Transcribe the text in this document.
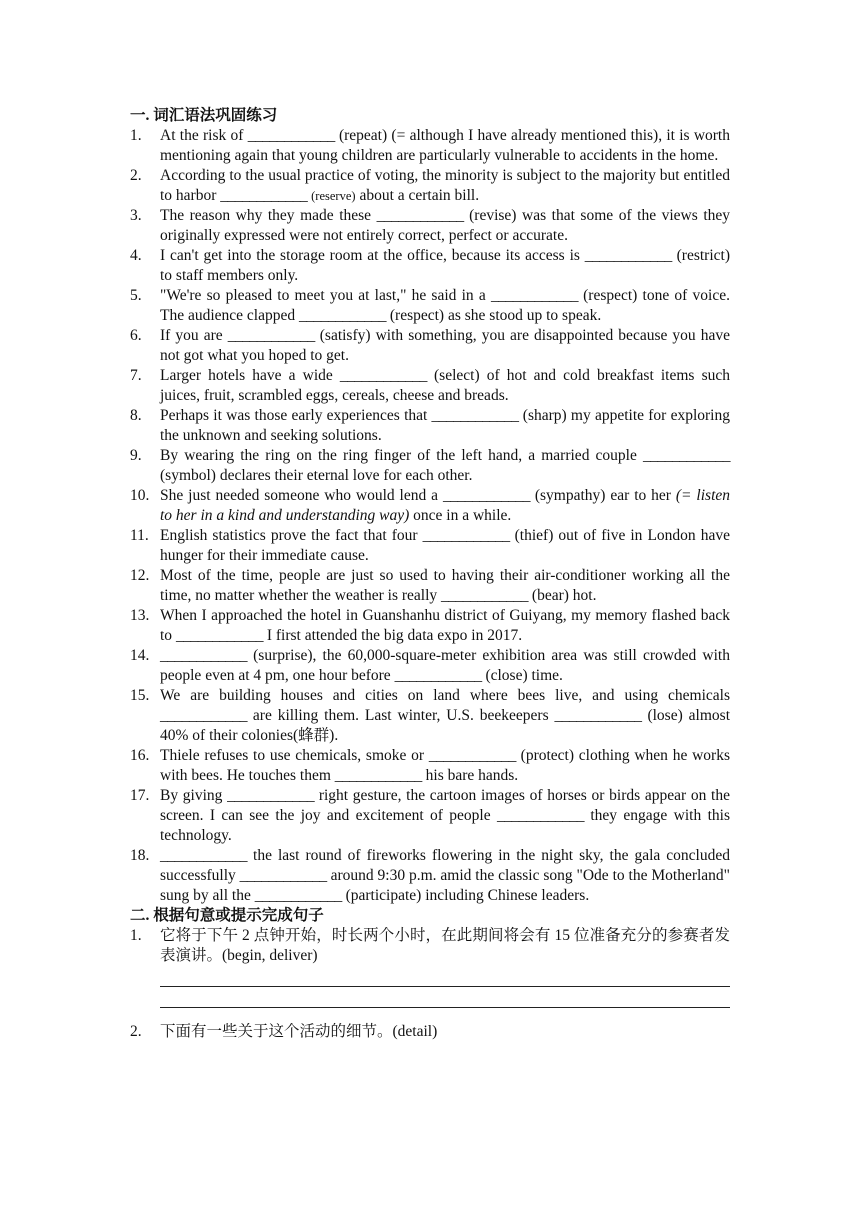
一. 词汇语法巩固练习
1.	At the risk of ____________ (repeat) (= although I have already mentioned this), it is worth mentioning again that young children are particularly vulnerable to accidents in the home.
2.	According to the usual practice of voting, the minority is subject to the majority but entitled to harbor ____________ (reserve) about a certain bill.
3.	The reason why they made these ____________ (revise) was that some of the views they originally expressed were not entirely correct, perfect or accurate.
4.	I can't get into the storage room at the office, because its access is ____________ (restrict) to staff members only.
5.	"We're so pleased to meet you at last," he said in a ____________ (respect) tone of voice. The audience clapped ____________ (respect) as she stood up to speak.
6.	If you are ____________ (satisfy) with something, you are disappointed because you have not got what you hoped to get.
7.	Larger hotels have a wide ____________ (select) of hot and cold breakfast items such juices, fruit, scrambled eggs, cereals, cheese and breads.
8.	Perhaps it was those early experiences that ____________ (sharp) my appetite for exploring the unknown and seeking solutions.
9.	By wearing the ring on the ring finger of the left hand, a married couple ____________ (symbol) declares their eternal love for each other.
10. She just needed someone who would lend a ____________ (sympathy) ear to her (= listen to her in a kind and understanding way) once in a while.
11. English statistics prove the fact that four ____________ (thief) out of five in London have hunger for their immediate cause.
12. Most of the time, people are just so used to having their air-conditioner working all the time, no matter whether the weather is really ____________ (bear) hot.
13. When I approached the hotel in Guanshanhu district of Guiyang, my memory flashed back to ____________ I first attended the big data expo in 2017.
14. ____________ (surprise), the 60,000-square-meter exhibition area was still crowded with people even at 4 pm, one hour before ____________ (close) time.
15. We are building houses and cities on land where bees live, and using chemicals ____________ are killing them. Last winter, U.S. beekeepers ____________ (lose) almost 40% of their colonies(蜂群).
16. Thiele refuses to use chemicals, smoke or ____________ (protect) clothing when he works with bees. He touches them ____________ his bare hands.
17. By giving ____________ right gesture, the cartoon images of horses or birds appear on the screen. I can see the joy and excitement of people ____________ they engage with this technology.
18. ____________ the last round of fireworks flowering in the night sky, the gala concluded successfully ____________ around 9:30 p.m. amid the classic song "Ode to the Motherland" sung by all the ____________ (participate) including Chinese leaders.
二. 根据句意或提示完成句子
1.	它将于下午 2 点钟开始，时长两个小时，在此期间将会有 15 位准备充分的参赛者发表演讲。(begin, deliver)
2.	下面有一些关于这个活动的细节。(detail)
